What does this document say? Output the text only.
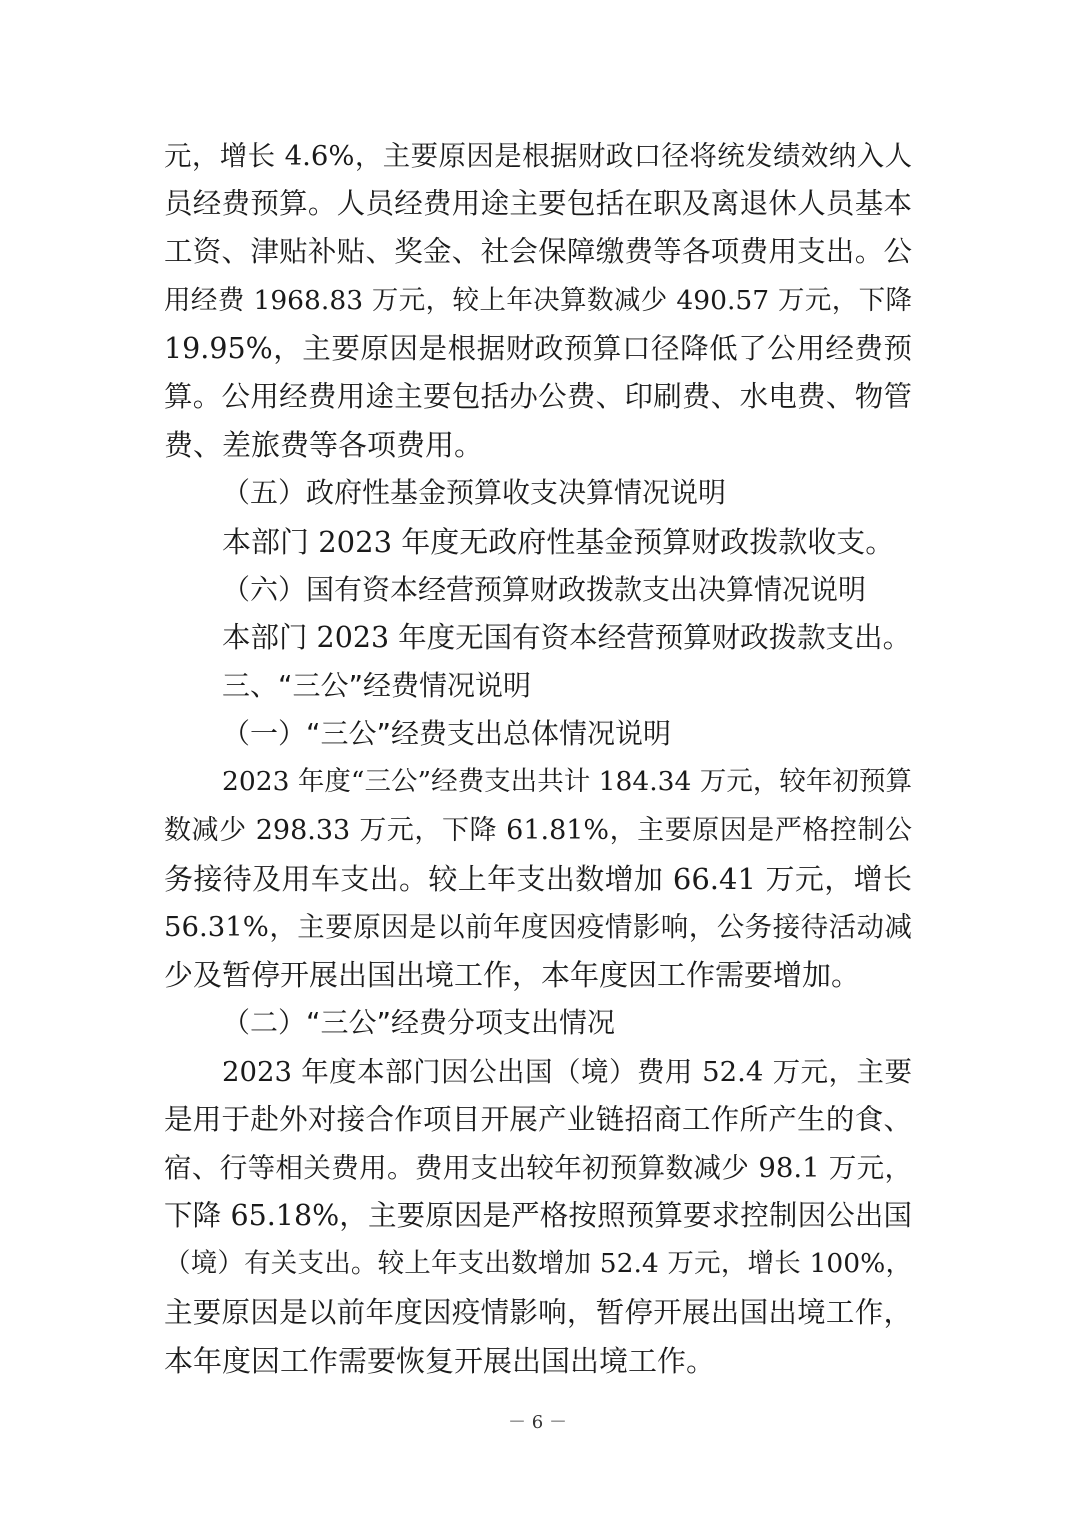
元，增长 4.6%，主要原因是根据财政口径将统发绩效纳入人
员经费预算。人员经费用途主要包括在职及离退休人员基本
工资、津贴补贴、奖金、社会保障缴费等各项费用支出。公
用经费 1968.83 万元，较上年决算数减少 490.57 万元，下降
19.95%，主要原因是根据财政预算口径降低了公用经费预
算。公用经费用途主要包括办公费、印刷费、水电费、物管
费、差旅费等各项费用。
（五）政府性基金预算收支决算情况说明
本部门 2023 年度无政府性基金预算财政拨款收支。
（六）国有资本经营预算财政拨款支出决算情况说明
本部门 2023 年度无国有资本经营预算财政拨款支出。
三、“三公”经费情况说明
（一）“三公”经费支出总体情况说明
2023 年度“三公”经费支出共计 184.34 万元，较年初预算
数减少 298.33 万元，下降 61.81%，主要原因是严格控制公
务接待及用车支出。较上年支出数增加 66.41 万元，增长
56.31%，主要原因是以前年度因疫情影响，公务接待活动减
少及暂停开展出国出境工作，本年度因工作需要增加。
（二）“三公”经费分项支出情况
2023 年度本部门因公出国（境）费用 52.4 万元，主要
是用于赴外对接合作项目开展产业链招商工作所产生的食、
宿、行等相关费用。费用支出较年初预算数减少 98.1 万元，
下降 65.18%，主要原因是严格按照预算要求控制因公出国
（境）有关支出。较上年支出数增加 52.4 万元，增长 100%，
主要原因是以前年度因疫情影响，暂停开展出国出境工作，
本年度因工作需要恢复开展出国出境工作。
－ 6 －
